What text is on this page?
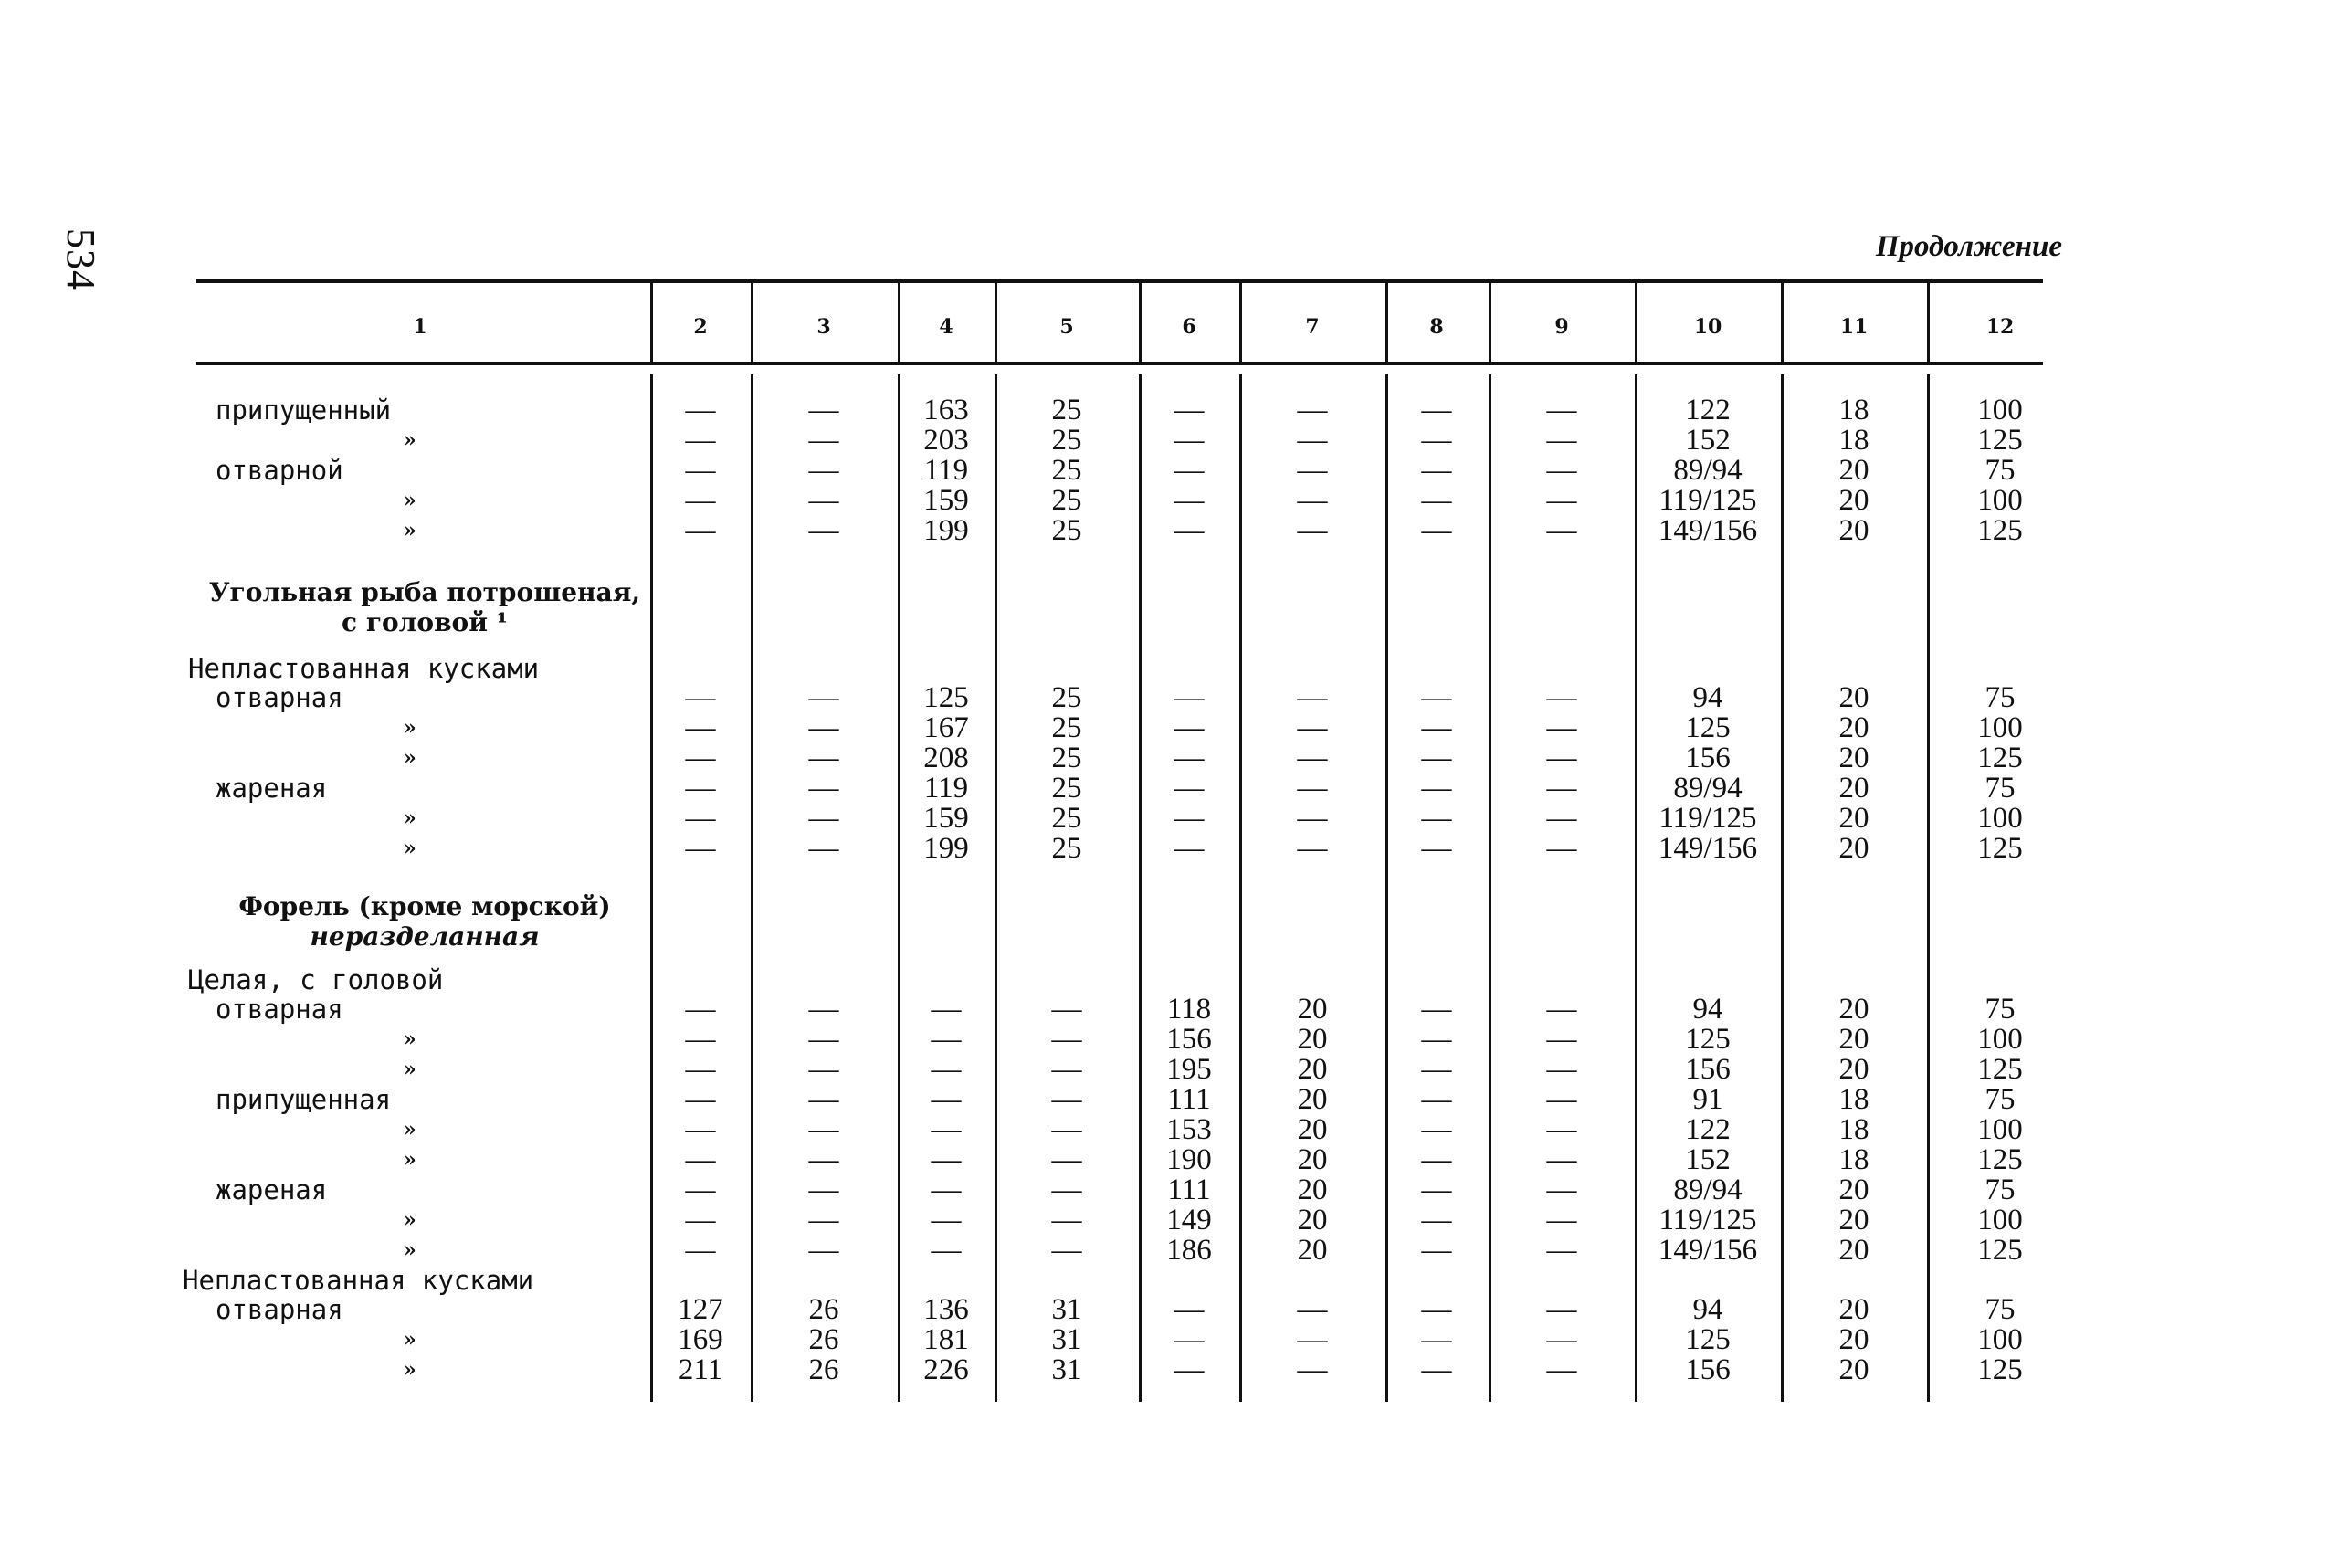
534	Продолжение
1	2	3	4	5	6	7	8	9	10	11	12
припущенный	—	—	163	25	—	—	—	—	122	18	100
»	—	—	203	25	—	—	—	—	152	18	125
отварной	—	—	119	25	—	—	—	—	89/94	20	75
»	—	—	159	25	—	—	—	—	119/125	20	100
»	—	—	199	25	—	—	—	—	149/156	20	125
Угольная рыба потрошеная,
с головой ¹
Непластованная кусками
отварная	—	—	125	25	—	—	—	—	94	20	75
»	—	—	167	25	—	—	—	—	125	20	100
»	—	—	208	25	—	—	—	—	156	20	125
жареная	—	—	119	25	—	—	—	—	89/94	20	75
»	—	—	159	25	—	—	—	—	119/125	20	100
»	—	—	199	25	—	—	—	—	149/156	20	125
Форель (кроме морской)
неразделанная
Целая, с головой
отварная	—	—	—	—	118	20	—	—	94	20	75
»	—	—	—	—	156	20	—	—	125	20	100
»	—	—	—	—	195	20	—	—	156	20	125
припущенная	—	—	—	—	111	20	—	—	91	18	75
»	—	—	—	—	153	20	—	—	122	18	100
»	—	—	—	—	190	20	—	—	152	18	125
жареная	—	—	—	—	111	20	—	—	89/94	20	75
»	—	—	—	—	149	20	—	—	119/125	20	100
»	—	—	—	—	186	20	—	—	149/156	20	125
Непластованная кусками
отварная	127	26	136	31	—	—	—	—	94	20	75
»	169	26	181	31	—	—	—	—	125	20	100
»	211	26	226	31	—	—	—	—	156	20	125
